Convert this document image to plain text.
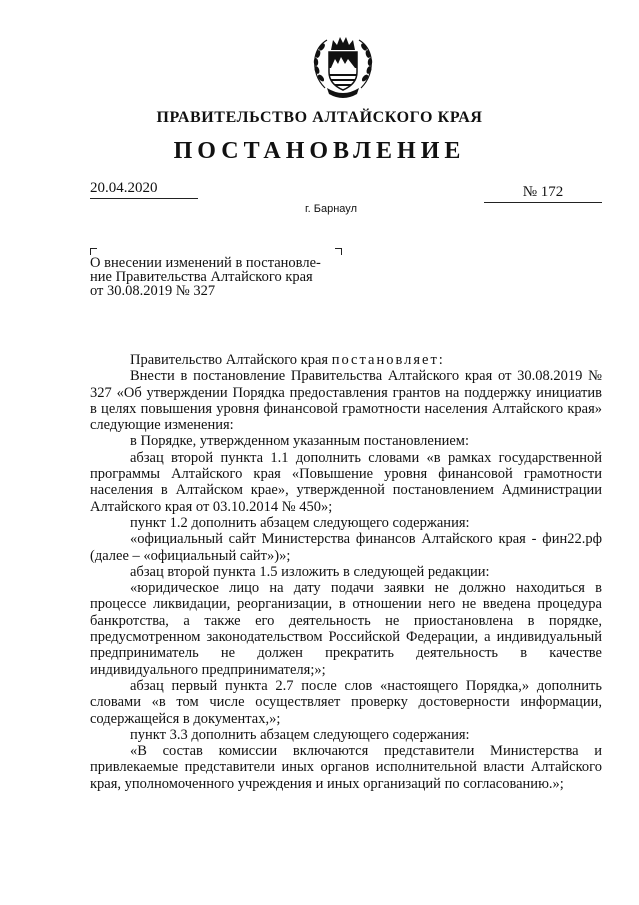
ПРАВИТЕЛЬСТВО АЛТАЙСКОГО КРАЯ
ПОСТАНОВЛЕНИЕ
20.04.2020
г. Барнаул
№ 172
О внесении изменений в постановле-
ние Правительства Алтайского края
от 30.08.2019 № 327

Правительство Алтайского края постановляет:

Внести в постановление Правительства Алтайского края от 30.08.2019 № 327 «Об утверждении Порядка предоставления грантов на поддержку инициатив в целях повышения уровня финансовой грамотности населения Алтайского края» следующие изменения:

в Порядке, утвержденном указанным постановлением:

абзац второй пункта 1.1 дополнить словами «в рамках государственной программы Алтайского края «Повышение уровня финансовой грамотности населения в Алтайском крае», утвержденной постановлением Администрации Алтайского края от 03.10.2014 № 450»;

пункт 1.2 дополнить абзацем следующего содержания:

«официальный сайт Министерства финансов Алтайского края - фин22.рф (далее – «официальный сайт»)»;

абзац второй пункта 1.5 изложить в следующей редакции:

«юридическое лицо на дату подачи заявки не должно находиться в процессе ликвидации, реорганизации, в отношении него не введена процедура банкротства, а также его деятельность не приостановлена в порядке, предусмотренном законодательством Российской Федерации, а индивидуальный предприниматель не должен прекратить деятельность в качестве индивидуального предпринимателя;»;

абзац первый пункта 2.7 после слов «настоящего Порядка,» дополнить словами «в том числе осуществляет проверку достоверности информации, содержащейся в документах,»;

пункт 3.3 дополнить абзацем следующего содержания:

«В состав комиссии включаются представители Министерства и привлекаемые представители иных органов исполнительной власти Алтайского края, уполномоченного учреждения и иных организаций по согласованию.»;
